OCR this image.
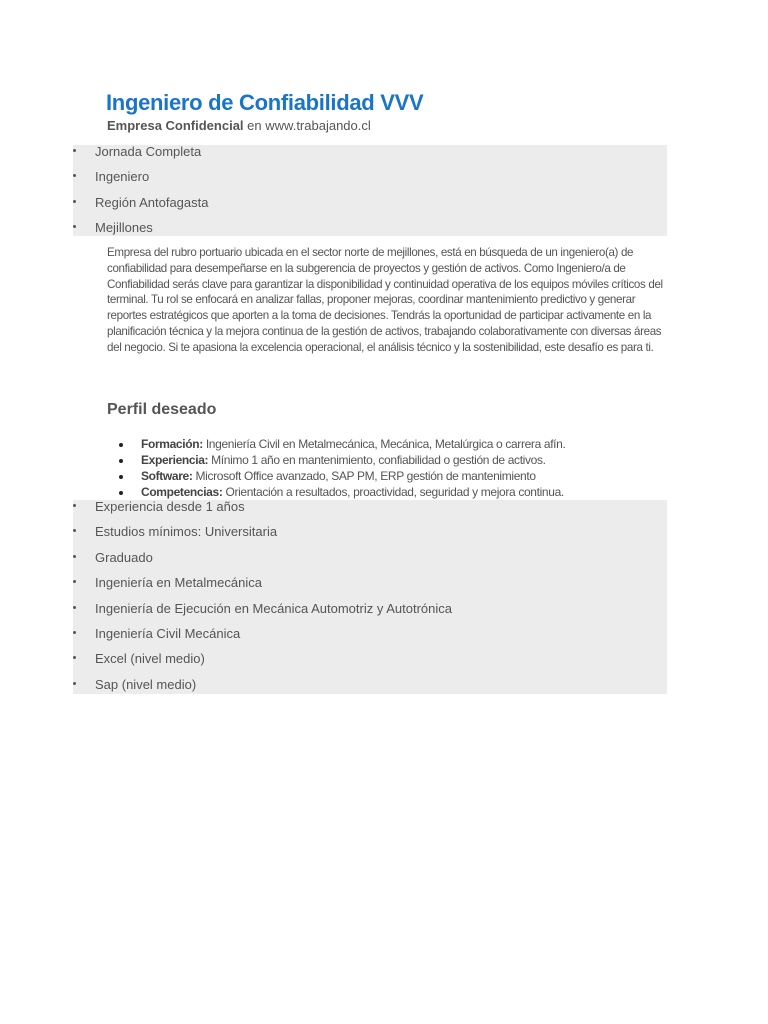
Ingeniero de Confiabilidad VVV
Empresa Confidencial en www.trabajando.cl
Jornada Completa
Ingeniero
Región Antofagasta
Mejillones

Empresa del rubro portuario ubicada en el sector norte de mejillones, está en búsqueda de un ingeniero(a) de confiabilidad para desempeñarse en la subgerencia de proyectos y gestión de activos. Como Ingeniero/a de Confiabilidad serás clave para garantizar la disponibilidad y continuidad operativa de los equipos móviles críticos del terminal. Tu rol se enfocará en analizar fallas, proponer mejoras, coordinar mantenimiento predictivo y generar reportes estratégicos que aporten a la toma de decisiones. Tendrás la oportunidad de participar activamente en la planificación técnica y la mejora continua de la gestión de activos, trabajando colaborativamente con diversas áreas del negocio. Si te apasiona la excelencia operacional, el análisis técnico y la sostenibilidad, este desafío es para ti.

Perfil deseado
Formación: Ingeniería Civil en Metalmecánica, Mecánica, Metalúrgica o carrera afín.
Experiencia: Mínimo 1 año en mantenimiento, confiabilidad o gestión de activos.
Software: Microsoft Office avanzado, SAP PM, ERP gestión de mantenimiento
Competencias: Orientación a resultados, proactividad, seguridad y mejora continua.
Experiencia desde 1 años
Estudios mínimos: Universitaria
Graduado
Ingeniería en Metalmecánica
Ingeniería de Ejecución en Mecánica Automotriz y Autotrónica
Ingeniería Civil Mecánica
Excel (nivel medio)
Sap (nivel medio)
